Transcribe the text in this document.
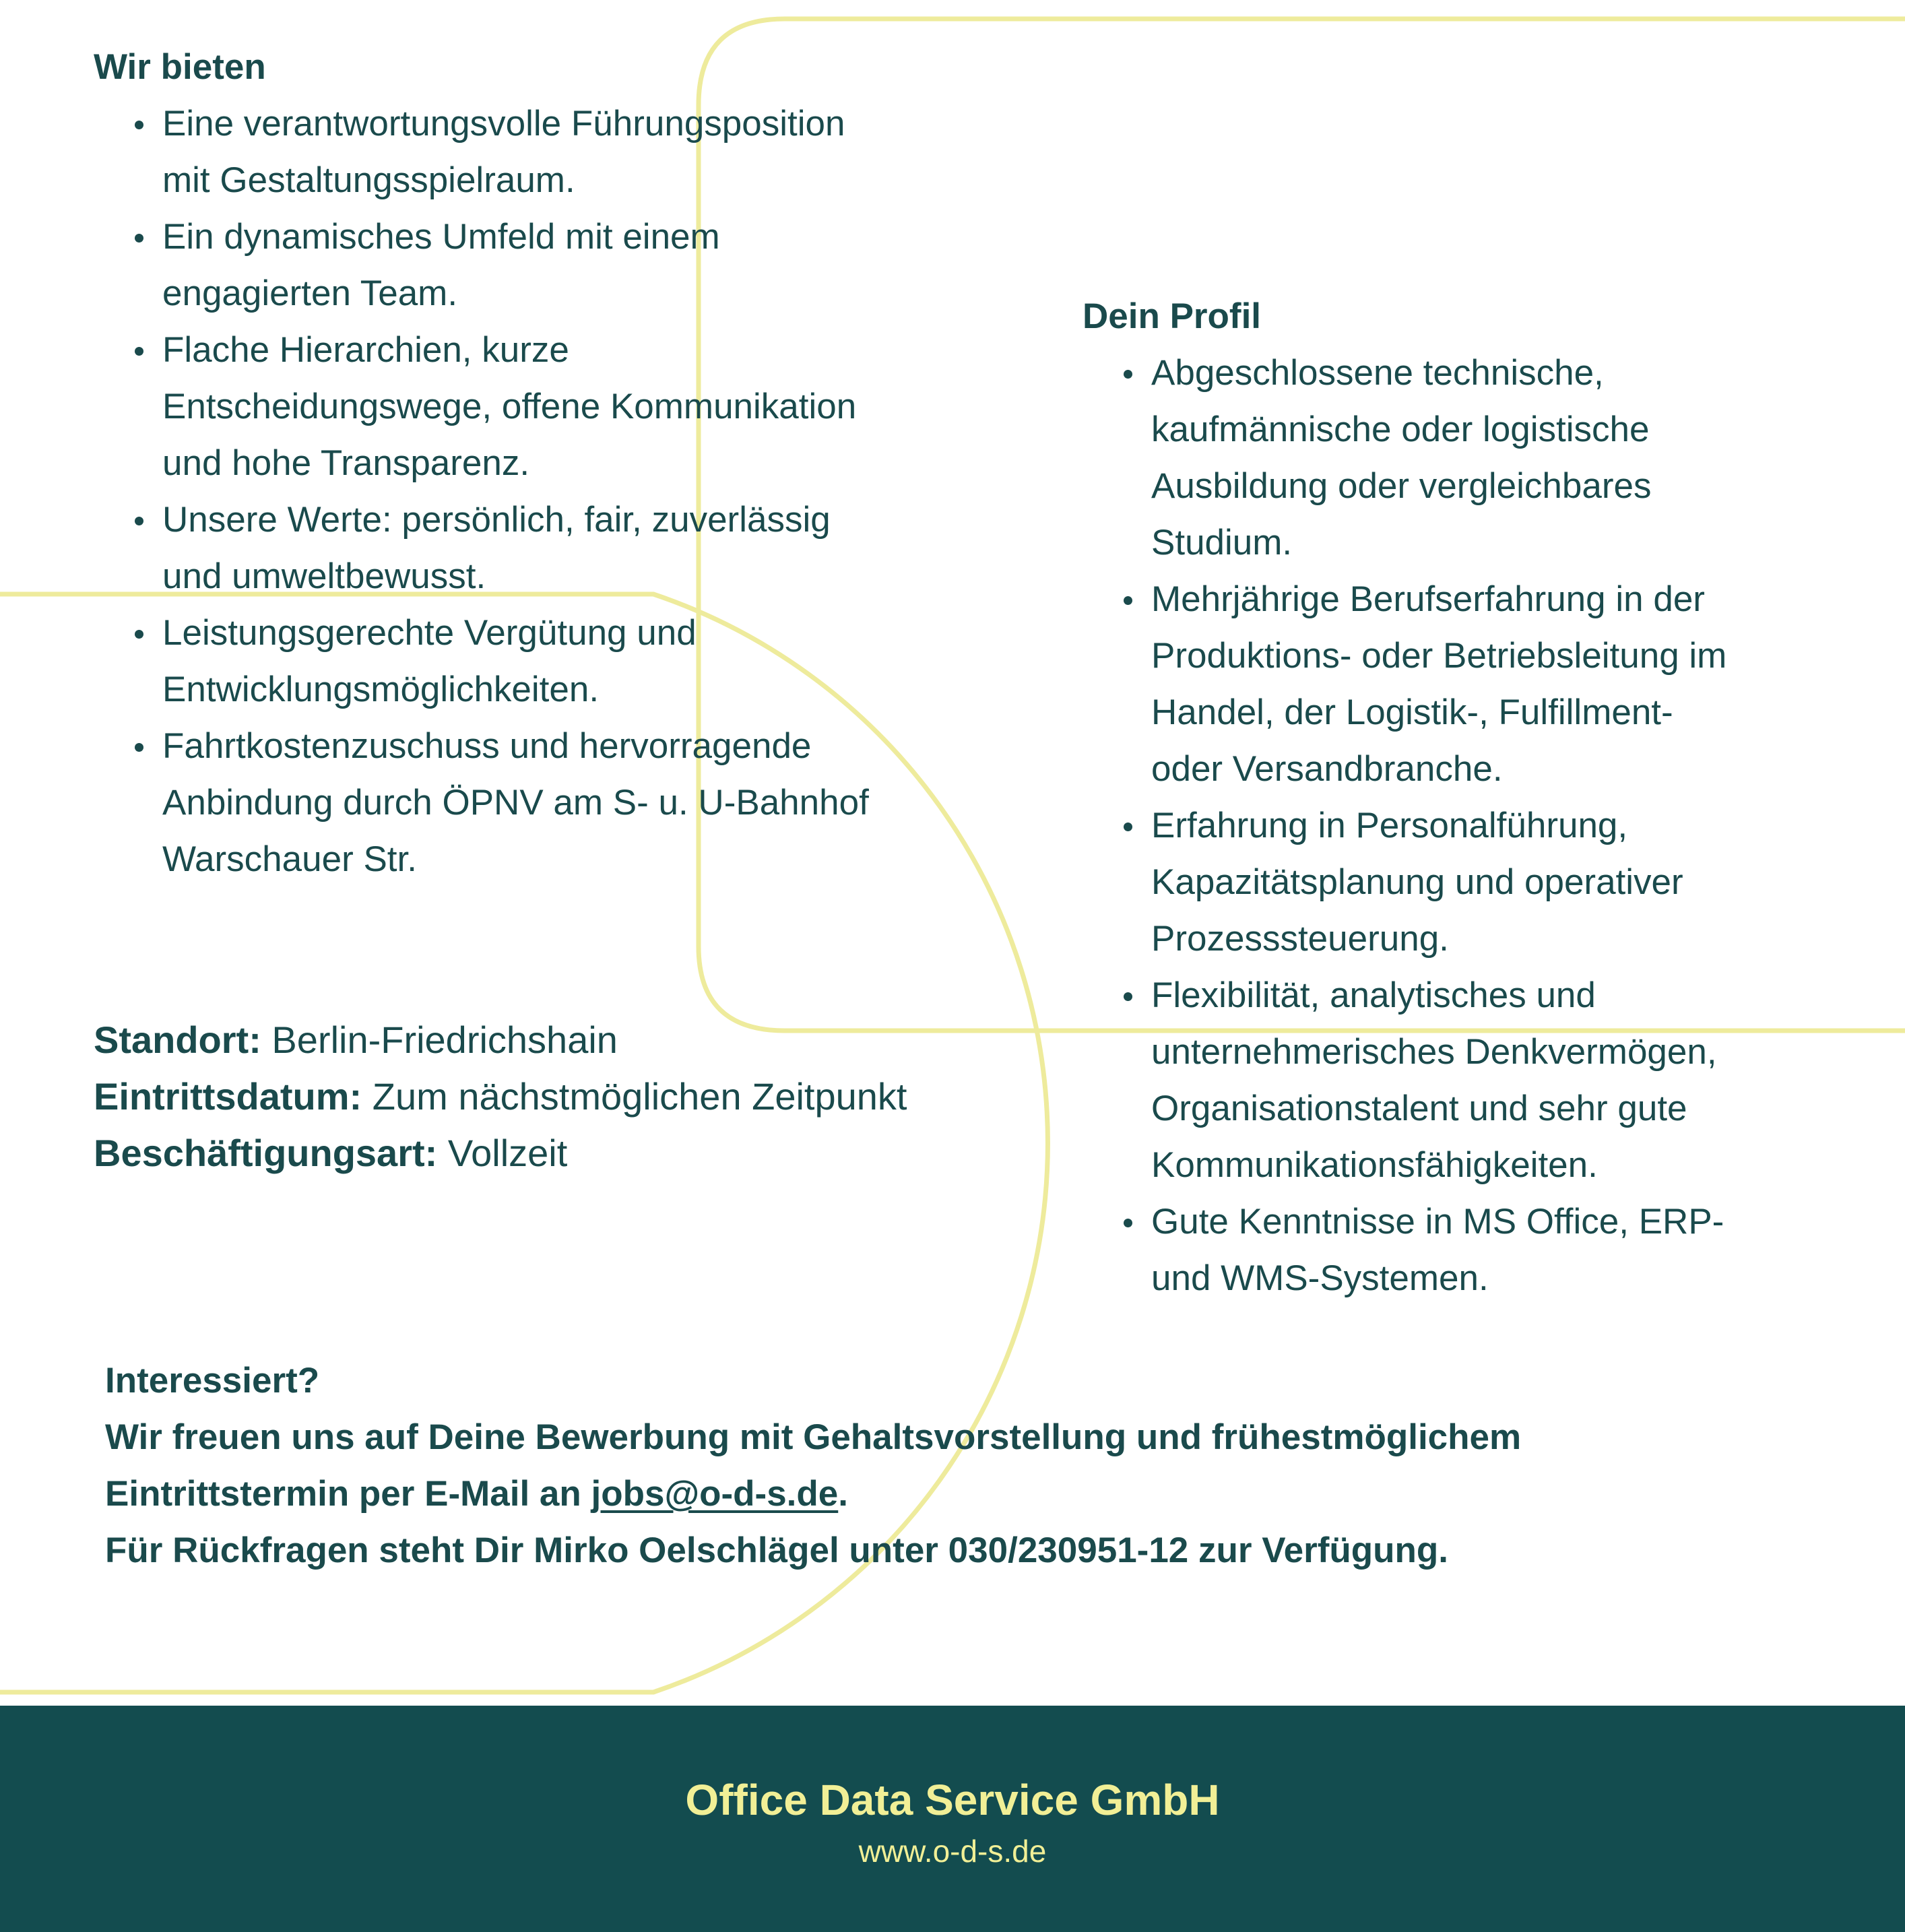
Wir bieten
Eine verantwortungsvolle Führungsposition
mit Gestaltungsspielraum.
Ein dynamisches Umfeld mit einem
engagierten Team.
Flache Hierarchien, kurze
Entscheidungswege, offene Kommunikation
und hohe Transparenz.
Unsere Werte: persönlich, fair, zuverlässig
und umweltbewusst.
Leistungsgerechte Vergütung und
Entwicklungsmöglichkeiten.
Fahrtkostenzuschuss und hervorragende
Anbindung durch ÖPNV am S- u. U-Bahnhof
Warschauer Str.
Dein Profil
Abgeschlossene technische,
kaufmännische oder logistische
Ausbildung oder vergleichbares
Studium.
Mehrjährige Berufserfahrung in der
Produktions- oder Betriebsleitung im
Handel, der Logistik-, Fulfillment-
oder Versandbranche.
Erfahrung in Personalführung,
Kapazitätsplanung und operativer
Prozesssteuerung.
Flexibilität, analytisches und
unternehmerisches Denkvermögen,
Organisationstalent und sehr gute
Kommunikationsfähigkeiten.
Gute Kenntnisse in MS Office, ERP-
und WMS-Systemen.
Standort: Berlin-Friedrichshain
Eintrittsdatum: Zum nächstmöglichen Zeitpunkt
Beschäftigungsart: Vollzeit
Interessiert?
Wir freuen uns auf Deine Bewerbung mit Gehaltsvorstellung und frühestmöglichem
Eintrittstermin per E-Mail an jobs@o-d-s.de.
Für Rückfragen steht Dir Mirko Oelschlägel unter 030/230951-12 zur Verfügung.
Office Data Service GmbH
www.o-d-s.de
